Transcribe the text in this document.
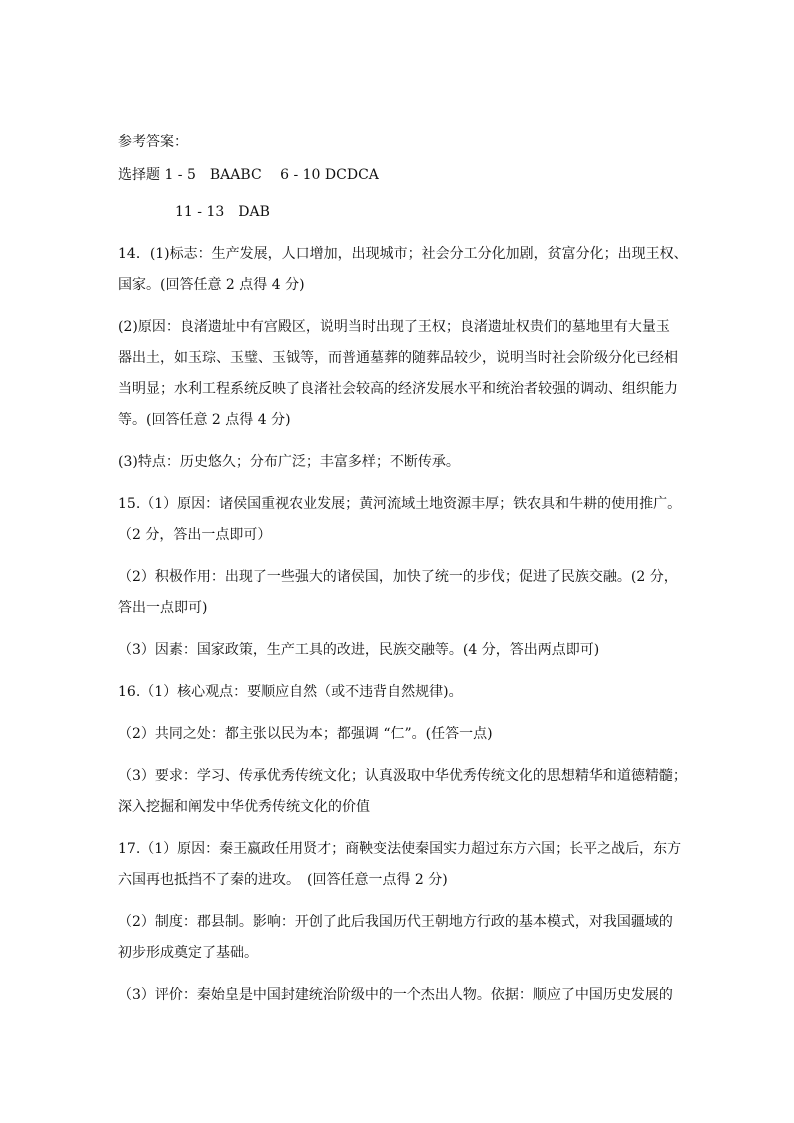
参考答案：
选择题 1 - 5　BAABC　 6 - 10 DCDCA
11 - 13　DAB
14．(1)标志：生产发展，人口增加，出现城市；社会分工分化加剧，贫富分化；出现王权、
国家。(回答任意 2 点得 4 分)
(2)原因：良渚遗址中有宫殿区，说明当时出现了王权；良渚遗址权贵们的墓地里有大量玉
器出土，如玉琮、玉璧、玉钺等，而普通墓葬的随葬品较少，说明当时社会阶级分化已经相
当明显；水利工程系统反映了良渚社会较高的经济发展水平和统治者较强的调动、组织能力
等。(回答任意 2 点得 4 分)
(3)特点：历史悠久；分布广泛；丰富多样；不断传承。
15.（1）原因：诸侯国重视农业发展；黄河流域土地资源丰厚；铁农具和牛耕的使用推广。
（2 分，答出一点即可）
（2）积极作用：出现了一些强大的诸侯国，加快了统一的步伐；促进了民族交融。(2 分，
答出一点即可)
（3）因素：国家政策，生产工具的改进，民族交融等。(4 分，答出两点即可)
16.（1）核心观点：要顺应自然（或不违背自然规律)。
（2）共同之处：都主张以民为本；都强调 “仁”。(任答一点)
（3）要求：学习、传承优秀传统文化；认真汲取中华优秀传统文化的思想精华和道德精髓；
深入挖掘和阐发中华优秀传统文化的价值
17.（1）原因：秦王嬴政任用贤才；商鞅变法使秦国实力超过东方六国；长平之战后，东方
六国再也抵挡不了秦的进攻。　(回答任意一点得 2 分)
（2）制度：郡县制。影响：开创了此后我国历代王朝地方行政的基本模式，对我国疆域的
初步形成奠定了基础。
（3）评价：秦始皇是中国封建统治阶级中的一个杰出人物。依据：顺应了中国历史发展的
